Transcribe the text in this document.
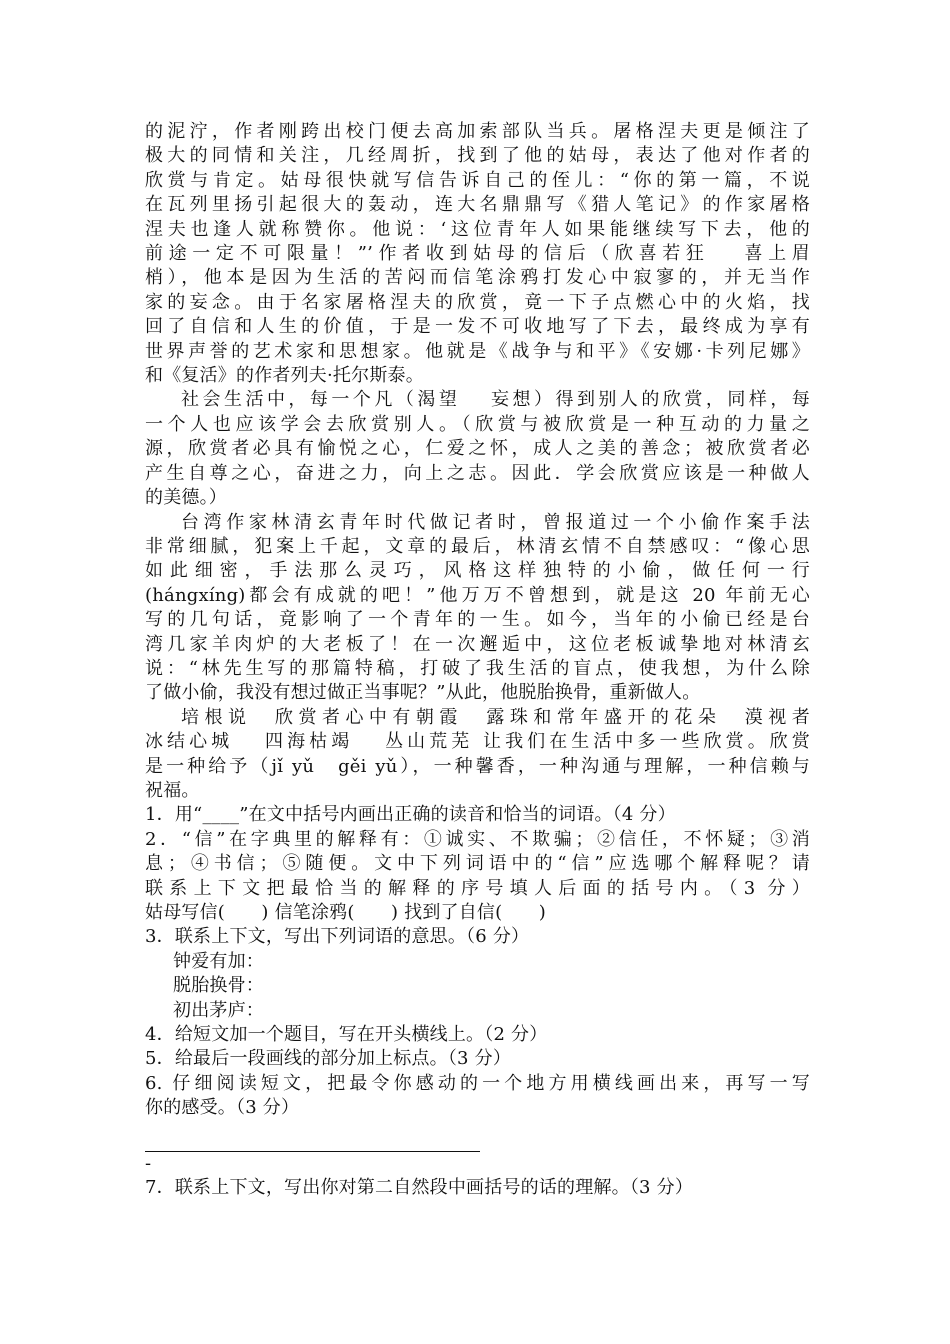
的泥泞，作者刚跨出校门便去高加索部队当兵。屠格涅夫更是倾注了
极大的同情和关注，几经周折，找到了他的姑母，表达了他对作者的
欣赏与肯定。姑母很快就写信告诉自己的侄儿：“你的第一篇，不说
在瓦列里扬引起很大的轰动，连大名鼎鼎写《猎人笔记》的作家屠格
涅夫也逢人就称赞你。他说：‘这位青年人如果能继续写下去，他的
前途一定不可限量！”’作者收到姑母的信后（欣喜若狂　 喜上眉
梢），他本是因为生活的苦闷而信笔涂鸦打发心中寂寥的，并无当作
家的妄念。由于名家屠格涅夫的欣赏，竟一下子点燃心中的火焰，找
回了自信和人生的价值，于是一发不可收地写了下去，最终成为享有
世界声誉的艺术家和思想家。他就是《战争与和平》《安娜·卡列尼娜》
和《复活》的作者列夫·托尔斯泰。
社会生活中，每一个凡（渴望　 妄想）得到别人的欣赏，同样，每
一个人也应该学会去欣赏别人。（欣赏与被欣赏是一种互动的力量之
源，欣赏者必具有愉悦之心，仁爱之怀，成人之美的善念；被欣赏者必
产生自尊之心，奋进之力，向上之志。因此．学会欣赏应该是一种做人
的美德。）
台湾作家林清玄青年时代做记者时，曾报道过一个小偷作案手法
非常细腻，犯案上千起，文章的最后，林清玄情不自禁感叹：“像心思
如此细密，手法那么灵巧，风格这样独特的小偷，做任何一行
(hángxíng)都会有成就的吧！”他万万不曾想到，就是这 20 年前无心
写的几句话，竟影响了一个青年的一生。如今，当年的小偷已经是台
湾几家羊肉炉的大老板了！在一次邂逅中，这位老板诚挚地对林清玄
说：“林先生写的那篇特稿，打破了我生活的盲点，使我想，为什么除
了做小偷，我没有想过做正当事呢？”从此，他脱胎换骨，重新做人。
培根说　欣赏者心中有朝霞　露珠和常年盛开的花朵　漠视者
冰结心城　 四海枯竭　 丛山荒芜 让我们在生活中多一些欣赏。欣赏
是一种给予（jǐ yǔ　gěi yǔ），一种馨香，一种沟通与理解，一种信赖与
祝福。
1．用“____”在文中括号内画出正确的读音和恰当的词语。（4 分）
2．“信”在字典里的解释有：①诚实、不欺骗；②信任，不怀疑；③消
息；④书信；⑤随便。文中下列词语中的“信”应选哪个解释呢？请
联系上下文把最恰当的解释的序号填人后面的括号内。（3 分）
姑母写信(　　) 信笔涂鸦(　　) 找到了自信(　　)
3．联系上下文，写出下列词语的意思。（6 分）
钟爱有加：
脱胎换骨：
初出茅庐：
4．给短文加一个题目，写在开头横线上。（2 分）
5．给最后一段画线的部分加上标点。（3 分）
6. 仔细阅读短文，把最令你感动的一个地方用横线画出来，再写一写
你的感受。（3 分）
-
7．联系上下文，写出你对第二自然段中画括号的话的理解。（3 分）
